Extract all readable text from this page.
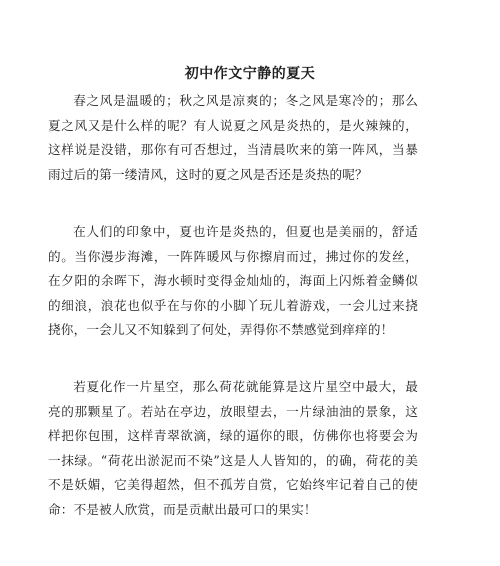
初中作文宁静的夏天

春之风是温暖的；秋之风是凉爽的；冬之风是寒冷的；那么夏之风又是什么样的呢？有人说夏之风是炎热的，是火辣辣的，这样说是没错，那你有可否想过，当清晨吹来的第一阵风，当暴雨过后的第一缕清风，这时的夏之风是否还是炎热的呢？

在人们的印象中，夏也许是炎热的，但夏也是美丽的，舒适的。当你漫步海滩，一阵阵暖风与你擦肩而过，拂过你的发丝，在夕阳的余晖下，海水顿时变得金灿灿的，海面上闪烁着金鳞似的细浪，浪花也似乎在与你的小脚丫玩儿着游戏，一会儿过来挠挠你，一会儿又不知躲到了何处，弄得你不禁感觉到痒痒的！

若夏化作一片星空，那么荷花就能算是这片星空中最大，最亮的那颗星了。若站在亭边，放眼望去，一片绿油油的景象，这样把你包围，这样青翠欲滴，绿的逼你的眼，仿佛你也将要会为一抹绿。“荷花出淤泥而不染”这是人人皆知的，的确，荷花的美不是妖媚，它美得超然，但不孤芳自赏，它始终牢记着自己的使命：不是被人欣赏，而是贡献出最可口的果实！
